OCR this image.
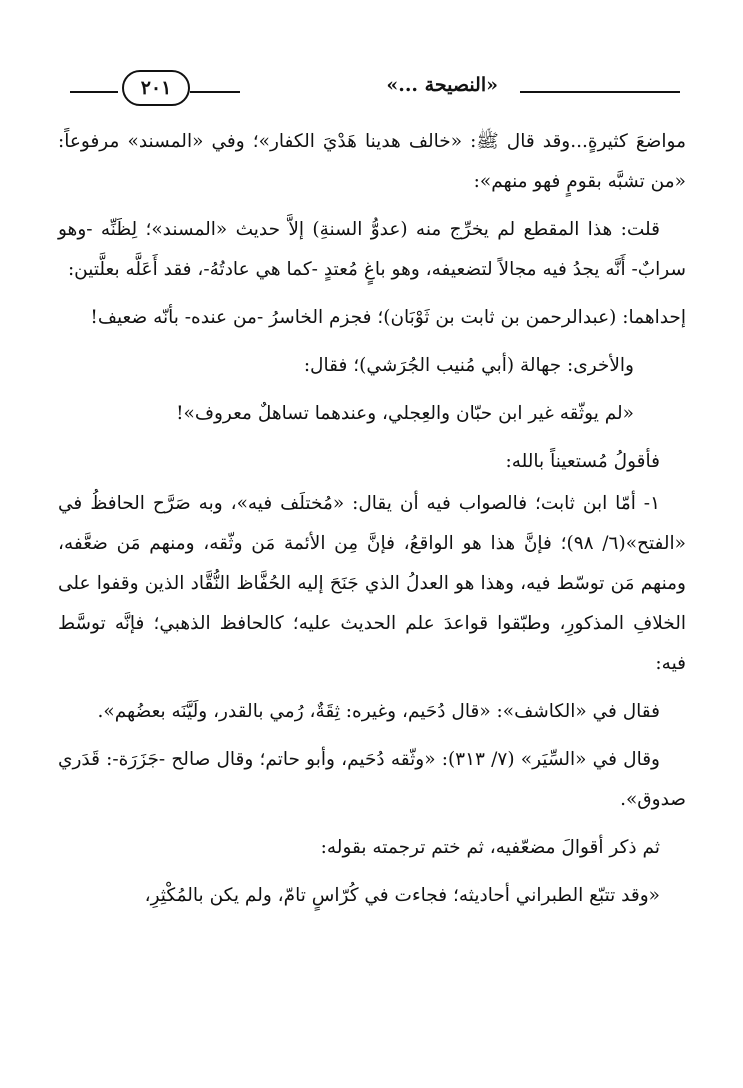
«النصيحة ...»
٢٠١

مواضعَ كثيرةٍ...وقد قال ﷺ: «خالف هدينا هَدْيَ الكفار»؛ وفي «المسند» مرفوعاً: «من تشبَّه بقومٍ فهو منهم»:

قلت: هذا المقطع لم يخرِّج منه (عدوُّ السنةِ) إلاَّ حديث «المسند»؛ لِظَنِّه -وهو سرابٌ- أَنَّه يجدُ فيه مجالاً لتضعيفه، وهو باغٍ مُعتدٍ -كما هي عادتُهُ-، فقد أَعَلَّه بعلَّتين:

إحداهما: (عبدالرحمن بن ثابت بن ثَوْبَان)؛ فجزم الخاسرُ -من عنده- بأنّه ضعيف!

والأخرى: جهالة (أبي مُنيب الجُرَشي)؛ فقال:

«لم يوثّقه غير ابن حبّان والعِجلي، وعندهما تساهلٌ معروف»!

فأقولُ مُستعيناً بالله:

١- أمّا ابن ثابت؛ فالصواب فيه أن يقال: «مُختلَف فيه»، وبه صَرَّح الحافظُ في «الفتح»(٦/ ٩٨)؛ فإنَّ هذا هو الواقعُ، فإنَّ مِن الأئمة مَن وثّقه، ومنهم مَن ضعَّفه، ومنهم مَن توسّط فيه، وهذا هو العدلُ الذي جَنَحَ إليه الحُفَّاظ النُّقَّاد الذين وقفوا على الخلافِ المذكورِ، وطبّقوا قواعدَ علم الحديث عليه؛ كالحافظ الذهبي؛ فإنَّه توسَّط فيه:

فقال في «الكاشف»: «قال دُحَيم، وغيره: ثِقَةٌ، رُمي بالقدر، ولَيَّنَه بعضُهم».

وقال في «السِّيَر» (٧/ ٣١٣): «وثّقه دُحَيم، وأبو حاتم؛ وقال صالح -جَزَرَة-: قَدَري صدوق».

ثم ذكر أقوالَ مضعّفيه، ثم ختم ترجمته بقوله:

«وقد تتبّع الطبراني أحاديثه؛ فجاءت في كُرّاسٍ تامّ، ولم يكن بالمُكْثِرِ،
